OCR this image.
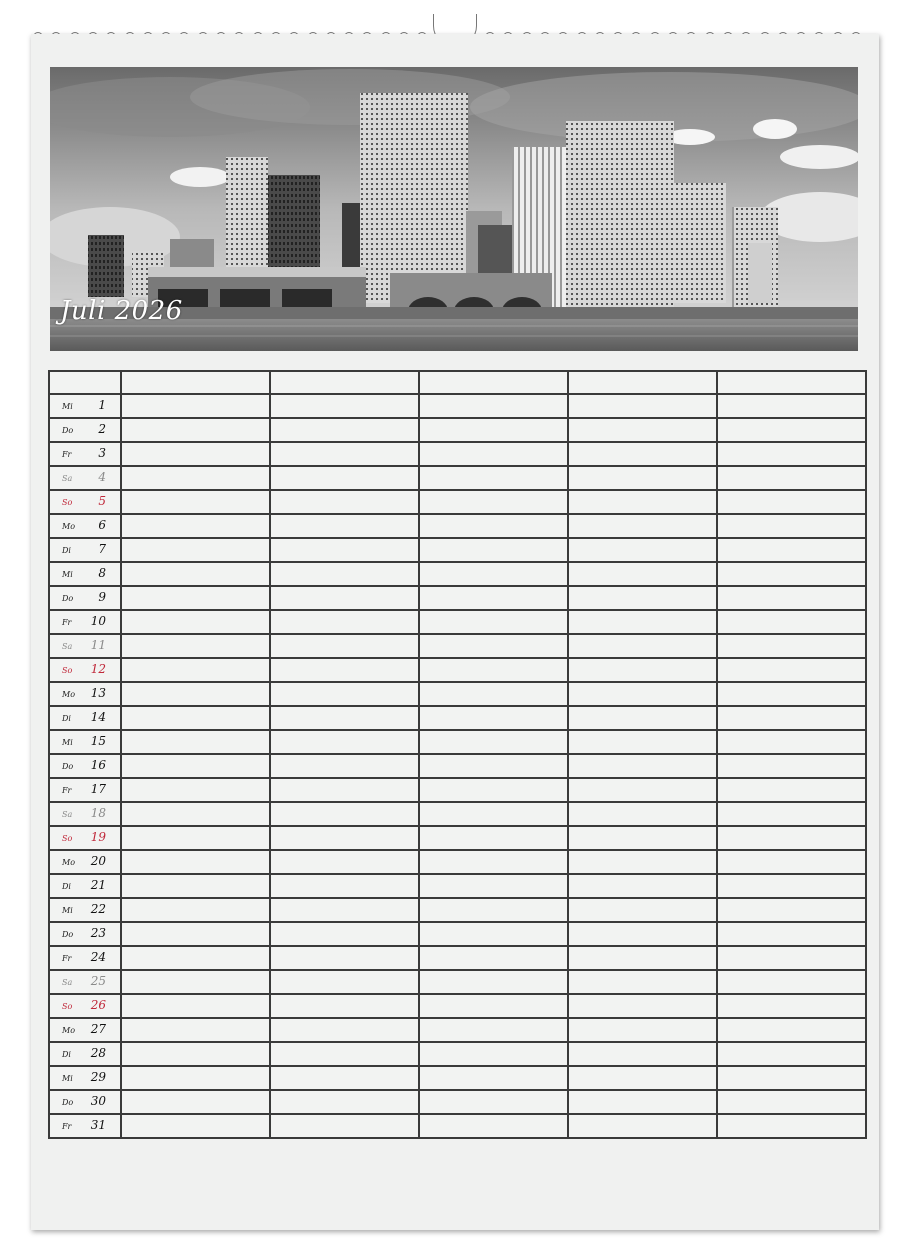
Juli 2026

Mi 1					

Do 2					

Fr 3					

Sa 4					

So 5					

Mo 6					

Di 7					

Mi 8					

Do 9					

Fr 10					

Sa 11					

So 12					

Mo 13					

Di 14					

Mi 15					

Do 16					

Fr 17					

Sa 18					

So 19					

Mo 20					

Di 21					

Mi 22					

Do 23					

Fr 24					

Sa 25					

So 26					

Mo 27					

Di 28					

Mi 29					

Do 30					

Fr 31					
